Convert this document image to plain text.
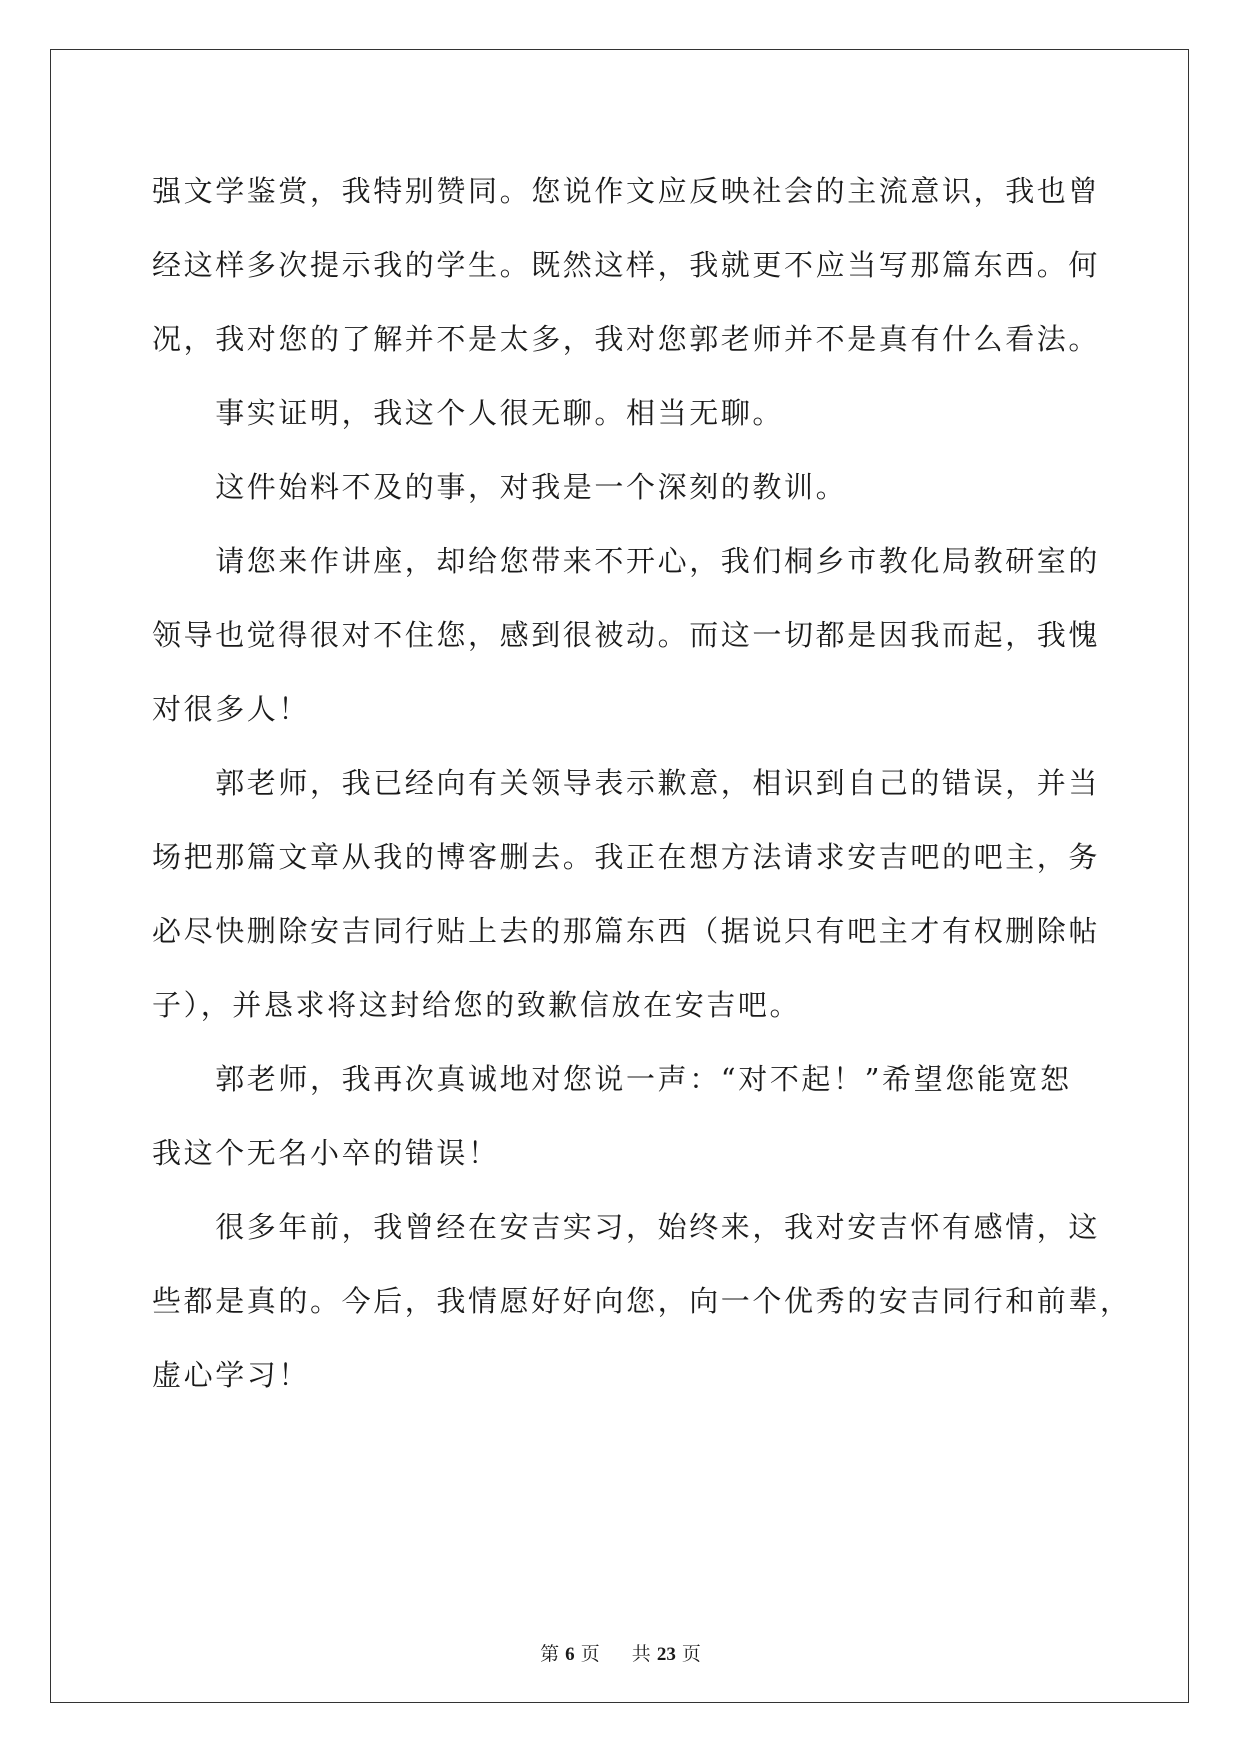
强文学鉴赏，我特别赞同。您说作文应反映社会的主流意识，我也曾
经这样多次提示我的学生。既然这样，我就更不应当写那篇东西。何
况，我对您的了解并不是太多，我对您郭老师并不是真有什么看法。
　　事实证明，我这个人很无聊。相当无聊。
　　这件始料不及的事，对我是一个深刻的教训。
　　请您来作讲座，却给您带来不开心，我们桐乡市教化局教研室的
领导也觉得很对不住您，感到很被动。而这一切都是因我而起，我愧
对很多人！
　　郭老师，我已经向有关领导表示歉意，相识到自己的错误，并当
场把那篇文章从我的博客删去。我正在想方法请求安吉吧的吧主，务
必尽快删除安吉同行贴上去的那篇东西（据说只有吧主才有权删除帖
子），并恳求将这封给您的致歉信放在安吉吧。
　　郭老师，我再次真诚地对您说一声：“对不起！”希望您能宽恕
我这个无名小卒的错误！
　　很多年前，我曾经在安吉实习，始终来，我对安吉怀有感情，这
些都是真的。今后，我情愿好好向您，向一个优秀的安吉同行和前辈，
虚心学习！
第 6 页 共 23 页
